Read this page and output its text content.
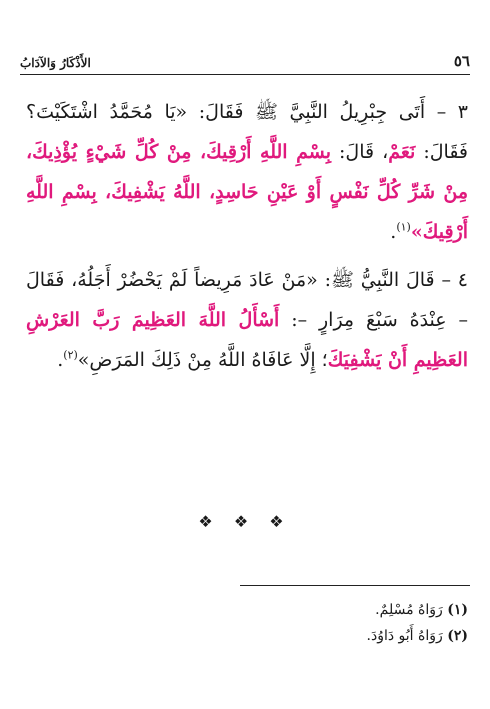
٥٦
الأَذْكَارُ وَالآدَابُ

٣ – أَتَى جِبْرِيلُ النَّبِيَّ ﷺ فَقَالَ: «يَا مُحَمَّدُ اشْتَكَيْتَ؟ فَقَالَ: نَعَمْ، قَالَ: بِسْمِ اللَّهِ أَرْقِيكَ، مِنْ كُلِّ شَيْءٍ يُؤْذِيكَ، مِنْ شَرِّ كُلِّ نَفْسٍ أَوْ عَيْنِ حَاسِدٍ، اللَّهُ يَشْفِيكَ، بِسْمِ اللَّهِ أَرْقِيكَ»$^{(١)}$.

٤ – قَالَ النَّبِيُّ ﷺ: «مَنْ عَادَ مَرِيضاً لَمْ يَحْضُرْ أَجَلُهُ، فَقَالَ – عِنْدَهُ سَبْعَ مِرَارٍ –: أَسْأَلُ اللَّهَ العَظِيمَ رَبَّ العَرْشِ العَظِيمِ أَنْ يَشْفِيَكَ؛ إِلَّا عَافَاهُ اللَّهُ مِنْ ذَلِكَ المَرَضِ»$^{(٢)}$.

❖ ❖ ❖
(١) رَوَاهُ مُسْلِمٌ.
(٢) رَوَاهُ أَبُو دَاوُدَ.
